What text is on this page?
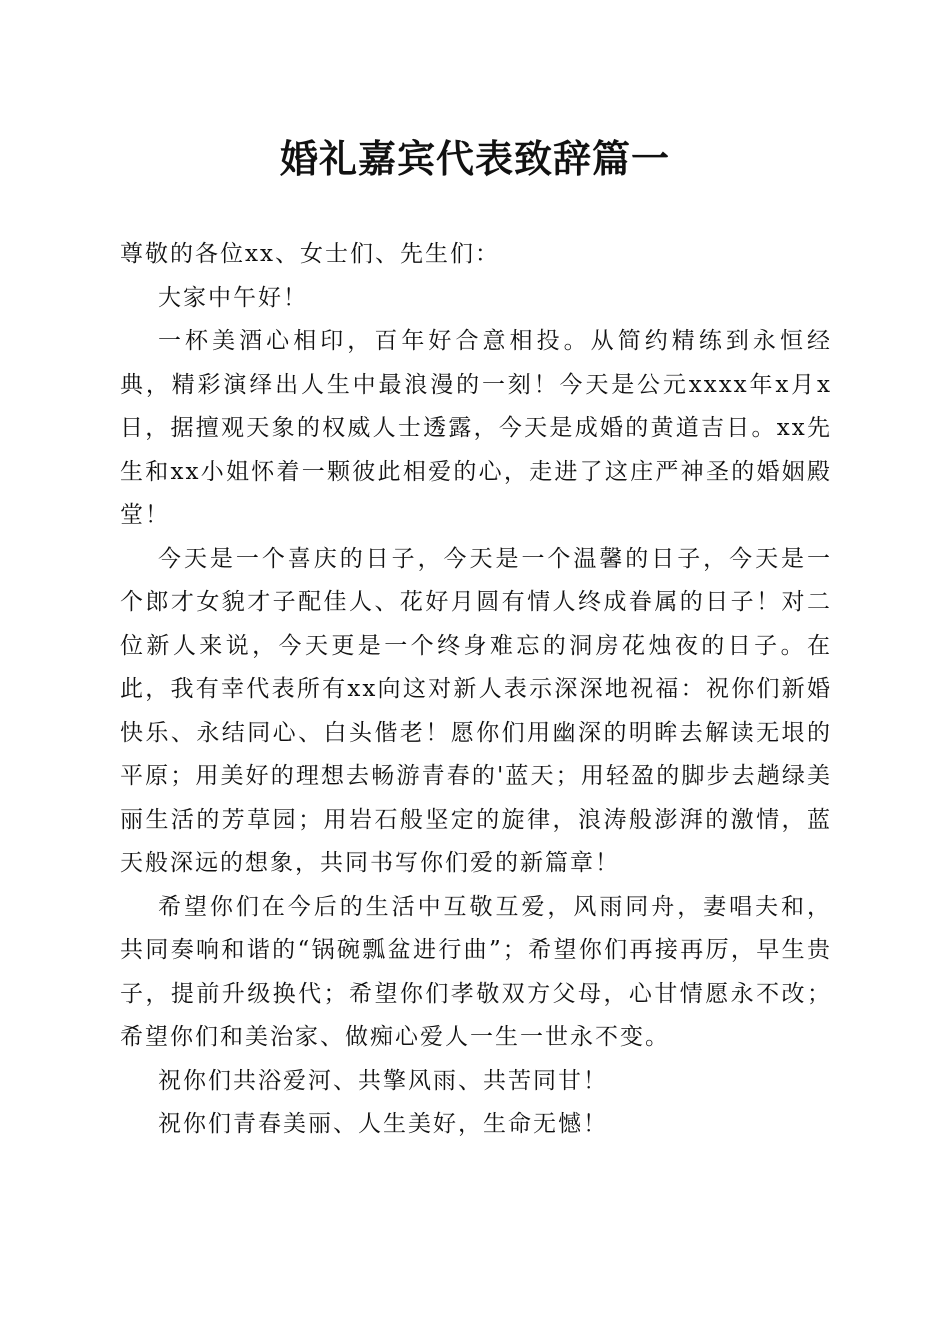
婚礼嘉宾代表致辞篇一

尊敬的各位xx、女士们、先生们：

大家中午好！

一杯美酒心相印，百年好合意相投。从简约精练到永恒经典，精彩演绎出人生中最浪漫的一刻！今天是公元xxxx年x月x日，据擅观天象的权威人士透露，今天是成婚的黄道吉日。xx先生和xx小姐怀着一颗彼此相爱的心，走进了这庄严神圣的婚姻殿堂！

今天是一个喜庆的日子，今天是一个温馨的日子，今天是一个郎才女貌才子配佳人、花好月圆有情人终成眷属的日子！对二位新人来说，今天更是一个终身难忘的洞房花烛夜的日子。在此，我有幸代表所有xx向这对新人表示深深地祝福：祝你们新婚快乐、永结同心、白头偕老！愿你们用幽深的明眸去解读无垠的平原；用美好的理想去畅游青春的'蓝天；用轻盈的脚步去趟绿美丽生活的芳草园；用岩石般坚定的旋律，浪涛般澎湃的激情，蓝天般深远的想象，共同书写你们爱的新篇章！

希望你们在今后的生活中互敬互爱，风雨同舟，妻唱夫和，共同奏响和谐的“锅碗瓢盆进行曲”；希望你们再接再厉，早生贵子，提前升级换代；希望你们孝敬双方父母，心甘情愿永不改；希望你们和美治家、做痴心爱人一生一世永不变。

祝你们共浴爱河、共擎风雨、共苦同甘！

祝你们青春美丽、人生美好，生命无憾！
